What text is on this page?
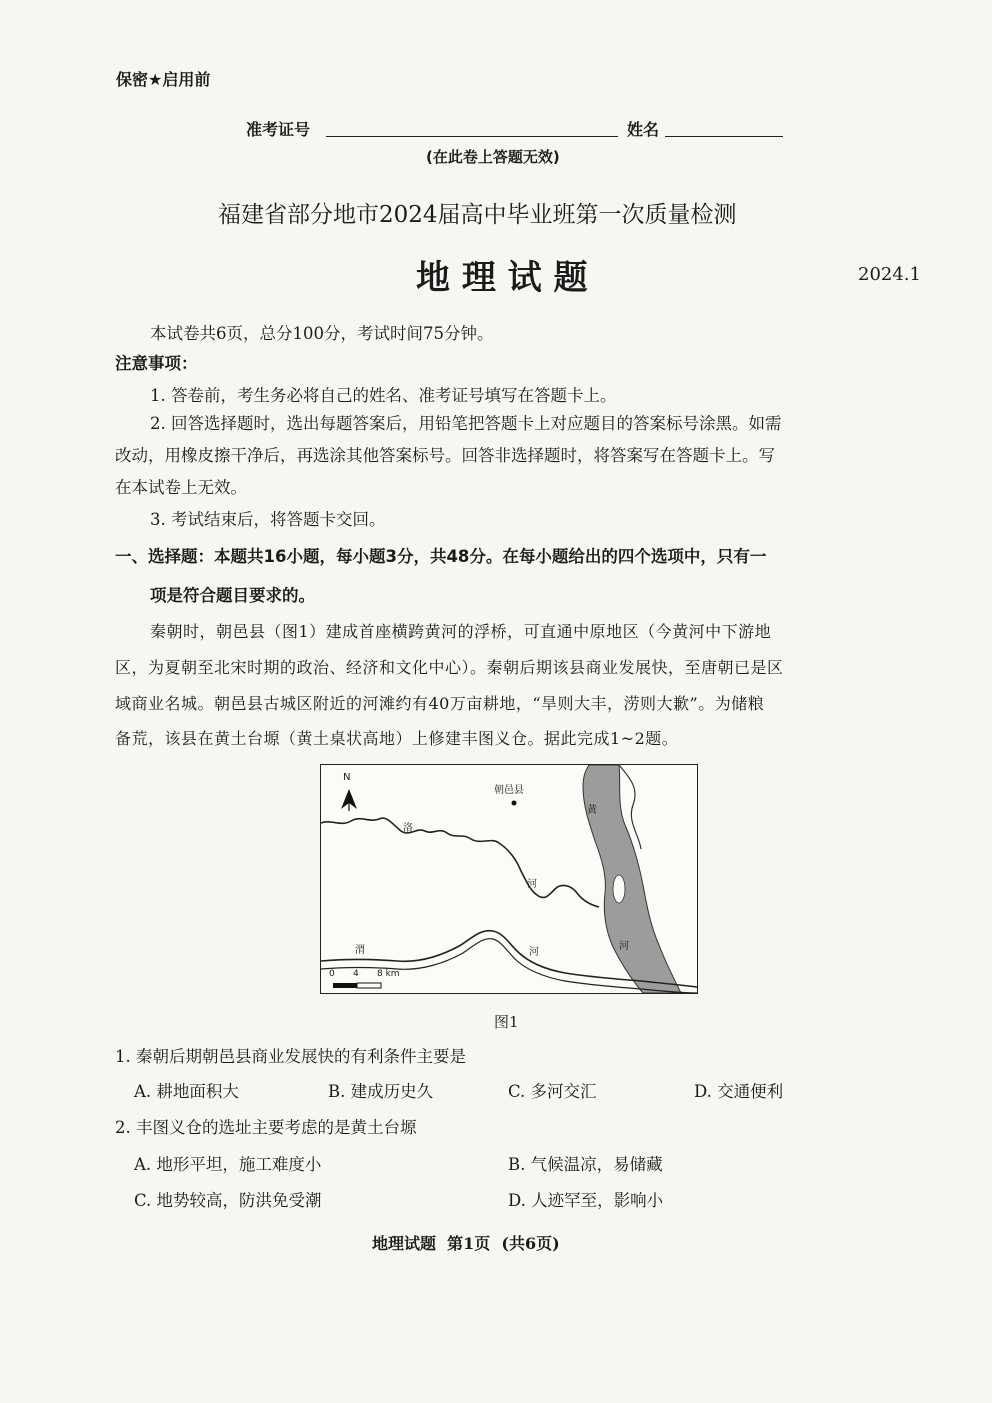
保密★启用前
准考证号	姓名
(在此卷上答题无效)
福建省部分地市2024届高中毕业班第一次质量检测
地 理 试 题	2024.1
本试卷共6页，总分100分，考试时间75分钟。
注意事项：
1. 答卷前，考生务必将自己的姓名、准考证号填写在答题卡上。
2. 回答选择题时，选出每题答案后，用铅笔把答题卡上对应题目的答案标号涂黑。如需
改动，用橡皮擦干净后，再选涂其他答案标号。回答非选择题时，将答案写在答题卡上。写
在本试卷上无效。
3. 考试结束后，将答题卡交回。
一、选择题：本题共16小题，每小题3分，共48分。在每小题给出的四个选项中，只有一
项是符合题目要求的。
秦朝时，朝邑县（图1）建成首座横跨黄河的浮桥，可直通中原地区（今黄河中下游地
区，为夏朝至北宋时期的政治、经济和文化中心）。秦朝后期该县商业发展快，至唐朝已是区
域商业名城。朝邑县古城区附近的河滩约有40万亩耕地，“旱则大丰，涝则大歉”。为储粮
备荒，该县在黄土台塬（黄土桌状高地）上修建丰图义仓。据此完成1~2题。
N
朝邑县
洛
河
渭	河
黄
河
0 4 8 km
图1
1. 秦朝后期朝邑县商业发展快的有利条件主要是
A. 耕地面积大	B. 建成历史久	C. 多河交汇	D. 交通便利
2. 丰图义仓的选址主要考虑的是黄土台塬
A. 地形平坦，施工难度小	B. 气候温凉，易储藏
C. 地势较高，防洪免受潮	D. 人迹罕至，影响小
地理试题  第1页  (共6页)
